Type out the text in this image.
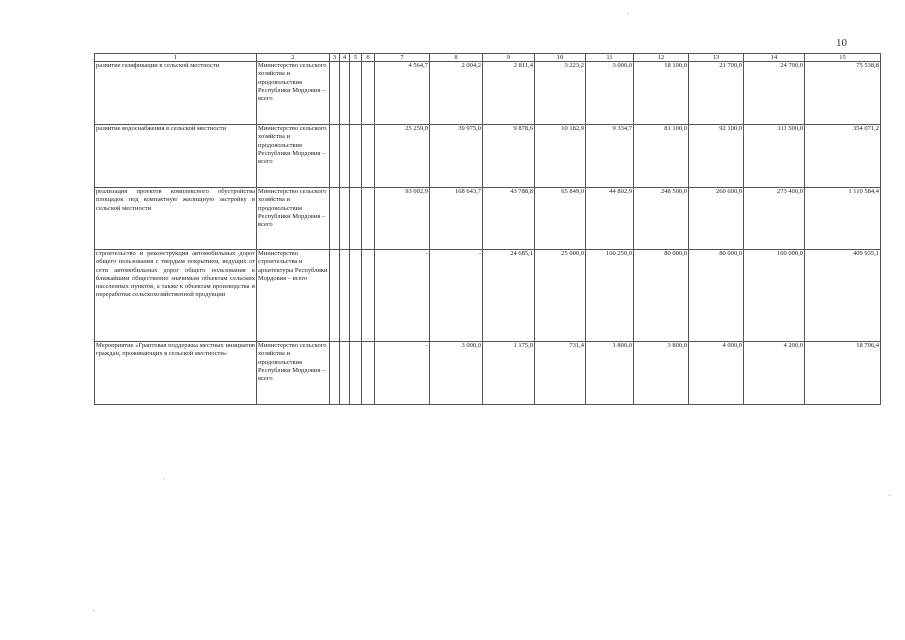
10
1	2	3	4	5	6	7	8	9	10	11	12	13	14	15
развитие газификации в сельской местности	Министерство сельского хозяйства и продовольствия Республики Мордовия – всего					4 564,7	2 004,2	2 811,4	3 223,2	3 000,0	18 100,0	21 700,0	24 700,0	75 538,8
развитие водоснабжения в сельской местности	Министерство сельского хозяйства и продовольствия Республики Мордовия – всего					25 259,0	39 975,0	9 878,6	10 182,9	9 334,7	81 100,0	92 100,0	111 500,0	354 071,2
реализация проектов комплексного обустройства площадок под компактную жилищную застройку в сельской местности	Министерство сельского хозяйства и продовольствия Республики Мордовия – всего					93 002,9	168 643,7	43 788,8	65 849,0	44 802,9	248 500,0	260 600,0	273 400,0	1 110 584,4
строительство и реконструкция автомобильных дорог общего пользования с твердым покрытием, ведущих от сети автомобильных дорог общего пользования к ближайшим общественно значимым объектам сельских населенных пунктов, а также к объектам производства и переработки сельскохозяйственной продукции	Министерство строительства и архитектуры Республики Мордовия – всего					-	-	24 685,1	25 000,0	100 250,0	80 000,0	80 000,0	100 000,0	409 935,1
Мероприятие «Грантовая поддержка местных инициатив граждан, проживающих в сельской местности»	Министерство сельского хозяйства и продовольствия Республики Мордовия – всего					-	3 000,0	1 175,0	731,4	1 800,0	3 800,0	4 000,0	4 200,0	18 706,4
